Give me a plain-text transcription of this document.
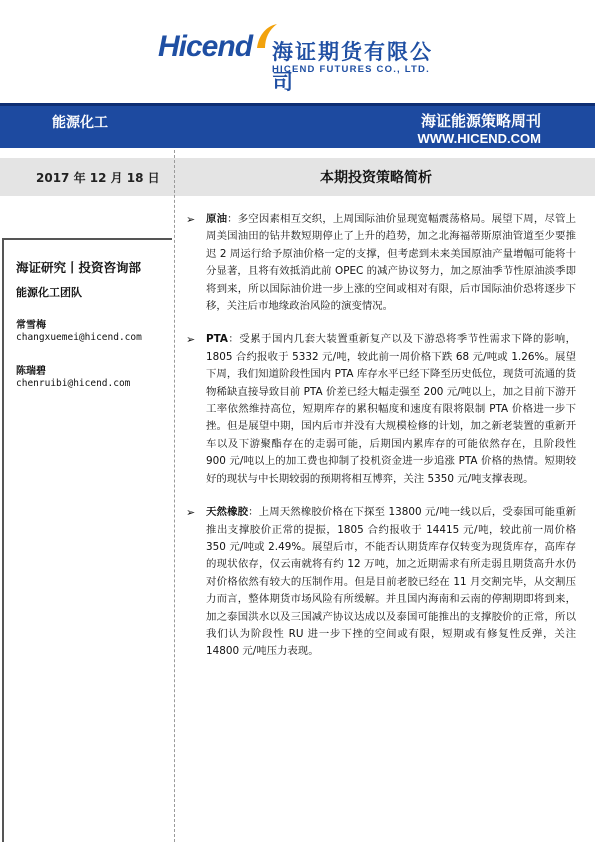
Hicend 海证期货有限公司
HICEND FUTURES CO., LTD.
能源化工	海证能源策略周刊
WWW.HICEND.COM
2017 年 12 月 18 日	本期投资策略简析
海证研究丨投资咨询部
能源化工团队
常雪梅
changxuemei@hicend.com
陈瑞碧
chenruibi@hicend.com
➢ 原油：多空因素相互交织，上周国际油价显现宽幅震荡格局。展望下周，尽管上周美国油田的钻井数短期停止了上升的趋势，加之北海福蒂斯原油管道至少要推迟 2 周运行给予原油价格一定的支撑，但考虑到未来美国原油产量增幅可能将十分显著，且将有效抵消此前 OPEC 的减产协议努力，加之原油季节性原油淡季即将到来，所以国际油价进一步上涨的空间或相对有限，后市国际油价恐将逐步下移，关注后市地缘政治风险的演变情况。
➢ PTA：受累于国内几套大装置重新复产以及下游恐将季节性需求下降的影响，1805 合约报收于 5332 元/吨，较此前一周价格下跌 68 元/吨或 1.26%。展望下周，我们知道阶段性国内 PTA 库存水平已经下降至历史低位，现货可流通的货物稀缺直接导致目前 PTA 价差已经大幅走强至 200 元/吨以上，加之目前下游开工率依然维持高位，短期库存的累积幅度和速度有限将限制 PTA 价格进一步下挫。但是展望中期，国内后市并没有大规模检修的计划，加之新老装置的重新开车以及下游聚酯存在的走弱可能，后期国内累库存的可能依然存在，且阶段性 900 元/吨以上的加工费也抑制了投机资金进一步追涨 PTA 价格的热情。短期较好的现状与中长期较弱的预期将相互博弈，关注 5350 元/吨支撑表现。
➢ 天然橡胶：上周天然橡胶价格在下探至 13800 元/吨一线以后，受泰国可能重新推出支撑胶价正常的提振，1805 合约报收于 14415 元/吨，较此前一周价格 350 元/吨或 2.49%。展望后市，不能否认期货库存仅转变为现货库存，高库存的现状依存，仅云南就将有约 12 万吨，加之近期需求有所走弱且期货高升水仍对价格依然有较大的压制作用。但是目前老胶已经在 11 月交割完毕，从交割压力而言，整体期货市场风险有所缓解。并且国内海南和云南的停割期即将到来，加之泰国洪水以及三国减产协议达成以及泰国可能推出的支撑胶价的正常，所以我们认为阶段性 RU 进一步下挫的空间或有限，短期或有修复性反弹，关注 14800 元/吨压力表现。
